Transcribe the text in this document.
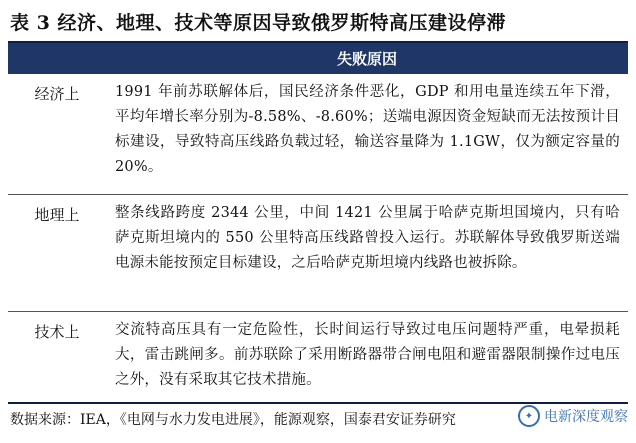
表 3 经济、地理、技术等原因导致俄罗斯特高压建设停滞
失败原因
经济上	1991 年前苏联解体后，国民经济条件恶化，GDP 和用电量连续五年下滑，平均年增长率分别为-8.58%、-8.60%；送端电源因资金短缺而无法按预计目标建设，导致特高压线路负载过轻，输送容量降为 1.1GW，仅为额定容量的 20%。
地理上	整条线路跨度 2344 公里，中间 1421 公里属于哈萨克斯坦国境内，只有哈萨克斯坦境内的 550 公里特高压线路曾投入运行。苏联解体导致俄罗斯送端电源未能按预定目标建设，之后哈萨克斯坦境内线路也被拆除。
技术上	交流特高压具有一定危险性，长时间运行导致过电压问题特严重，电晕损耗大，雷击跳闸多。前苏联除了采用断路器带合闸电阻和避雷器限制操作过电压之外，没有采取其它技术措施。
数据来源：IEA，《电网与水力发电进展》，能源观察，国泰君安证券研究	✦ 电新深度观察
